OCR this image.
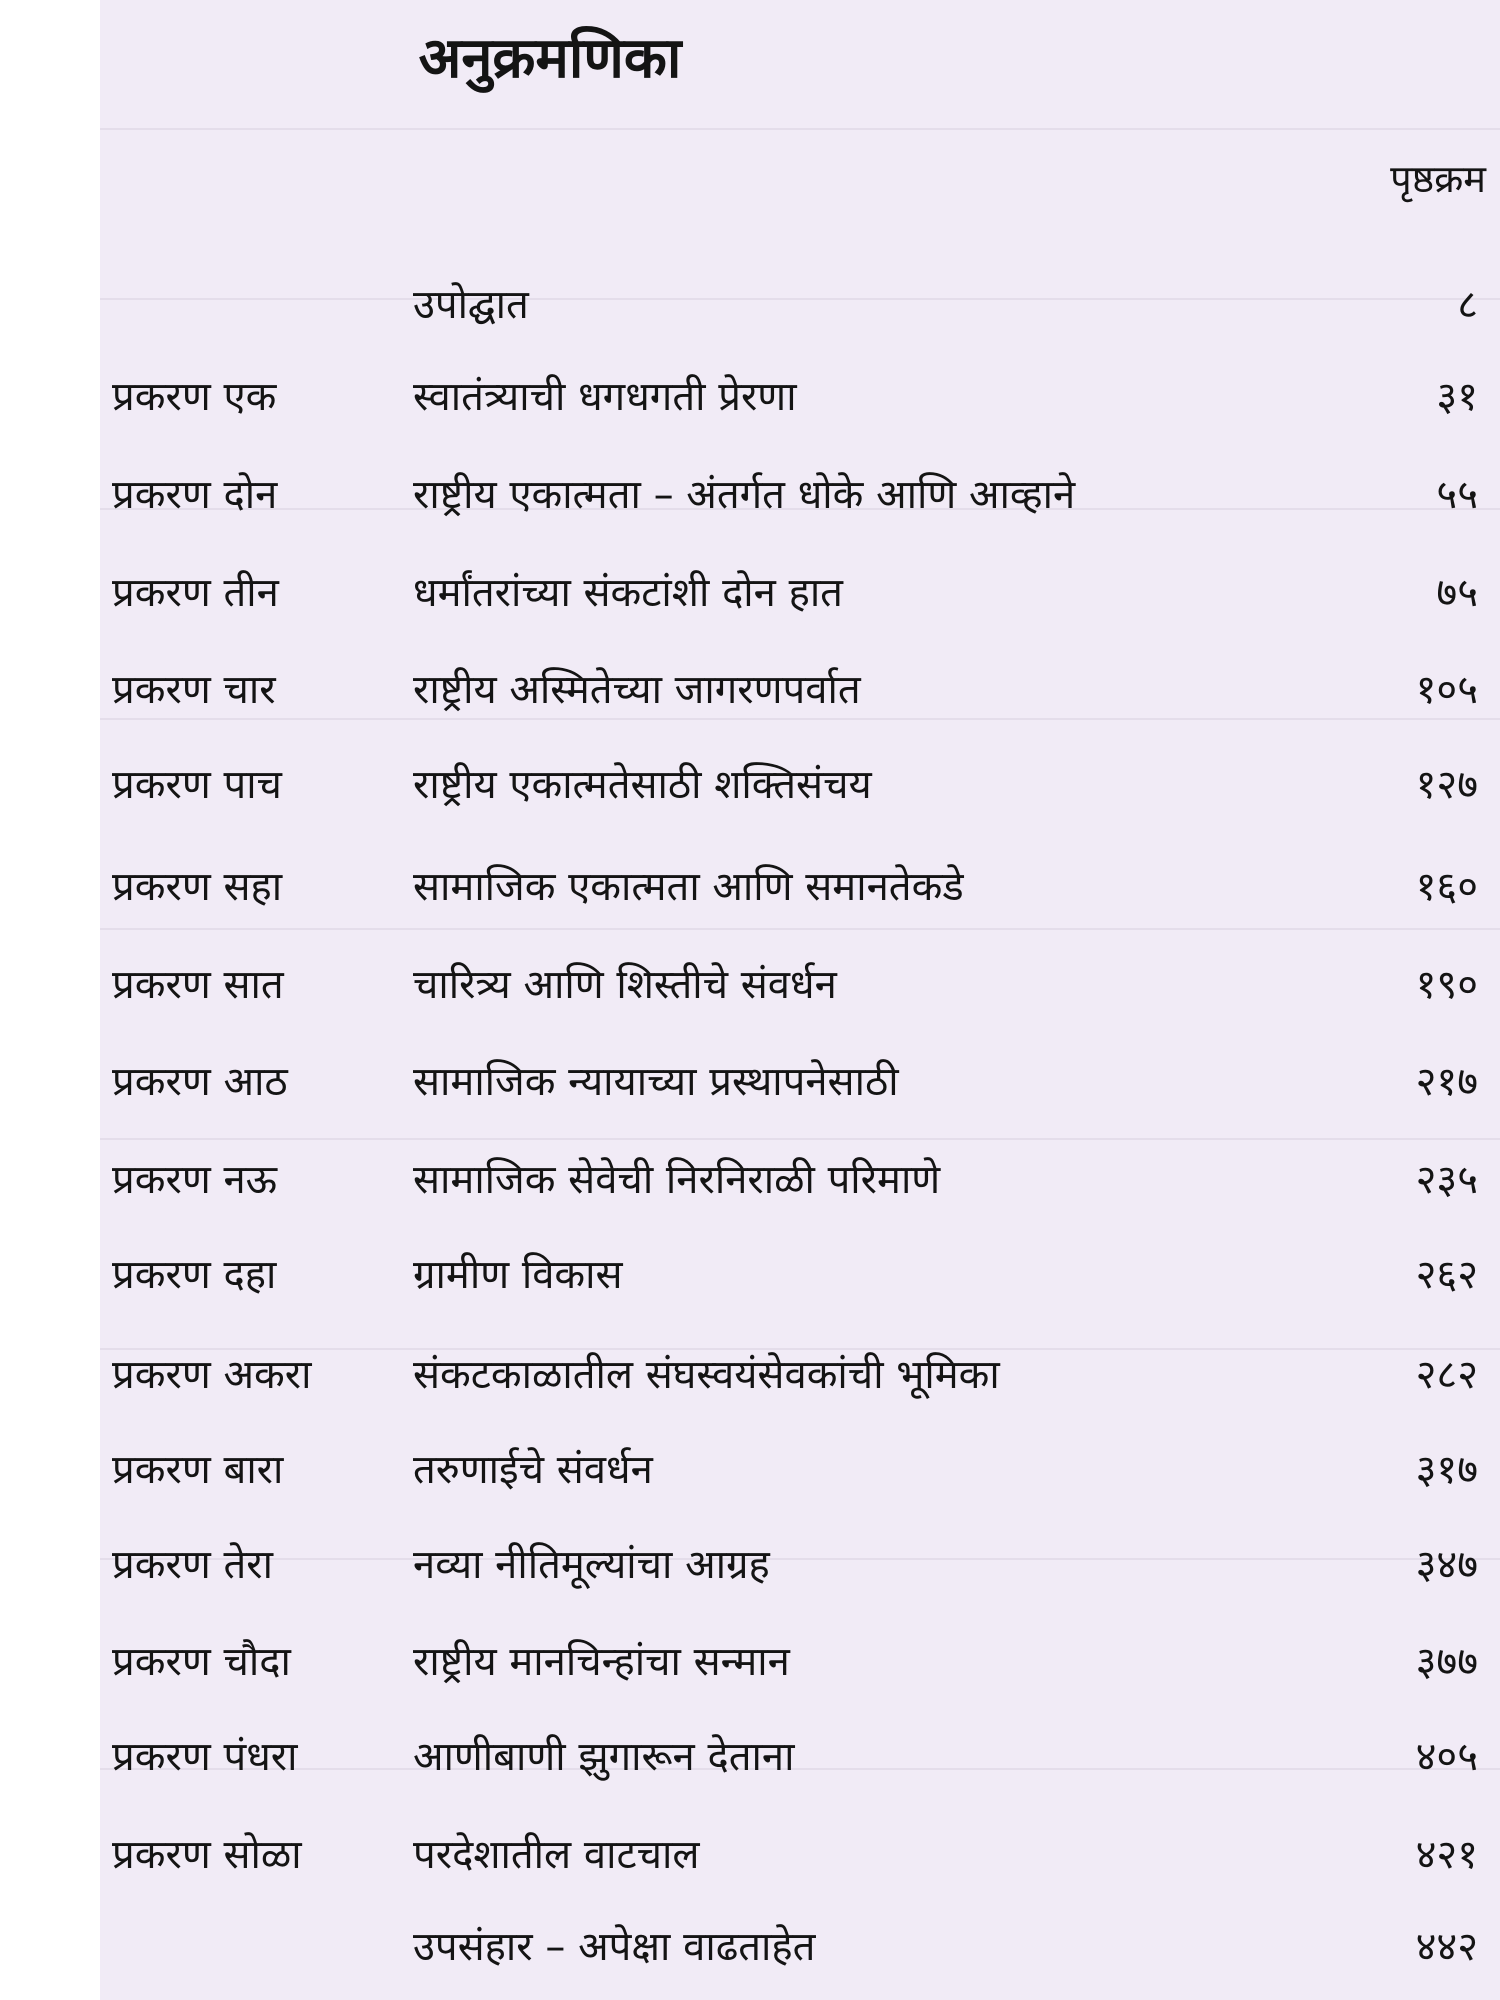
अनुक्रमणिका
पृष्ठक्रम
उपोद्घात	८
प्रकरण एक	स्वातंत्र्याची धगधगती प्रेरणा	३१
प्रकरण दोन	राष्ट्रीय एकात्मता – अंतर्गत धोके आणि आव्हाने	५५
प्रकरण तीन	धर्मांतरांच्या संकटांशी दोन हात	७५
प्रकरण चार	राष्ट्रीय अस्मितेच्या जागरणपर्वात	१०५
प्रकरण पाच	राष्ट्रीय एकात्मतेसाठी शक्तिसंचय	१२७
प्रकरण सहा	सामाजिक एकात्मता आणि समानतेकडे	१६०
प्रकरण सात	चारित्र्य आणि शिस्तीचे संवर्धन	१९०
प्रकरण आठ	सामाजिक न्यायाच्या प्रस्थापनेसाठी	२१७
प्रकरण नऊ	सामाजिक सेवेची निरनिराळी परिमाणे	२३५
प्रकरण दहा	ग्रामीण विकास	२६२
प्रकरण अकरा	संकटकाळातील संघस्वयंसेवकांची भूमिका	२८२
प्रकरण बारा	तरुणाईचे संवर्धन	३१७
प्रकरण तेरा	नव्या नीतिमूल्यांचा आग्रह	३४७
प्रकरण चौदा	राष्ट्रीय मानचिन्हांचा सन्मान	३७७
प्रकरण पंधरा	आणीबाणी झुगारून देताना	४०५
प्रकरण सोळा	परदेशातील वाटचाल	४२१
उपसंहार – अपेक्षा वाढताहेत	४४२
